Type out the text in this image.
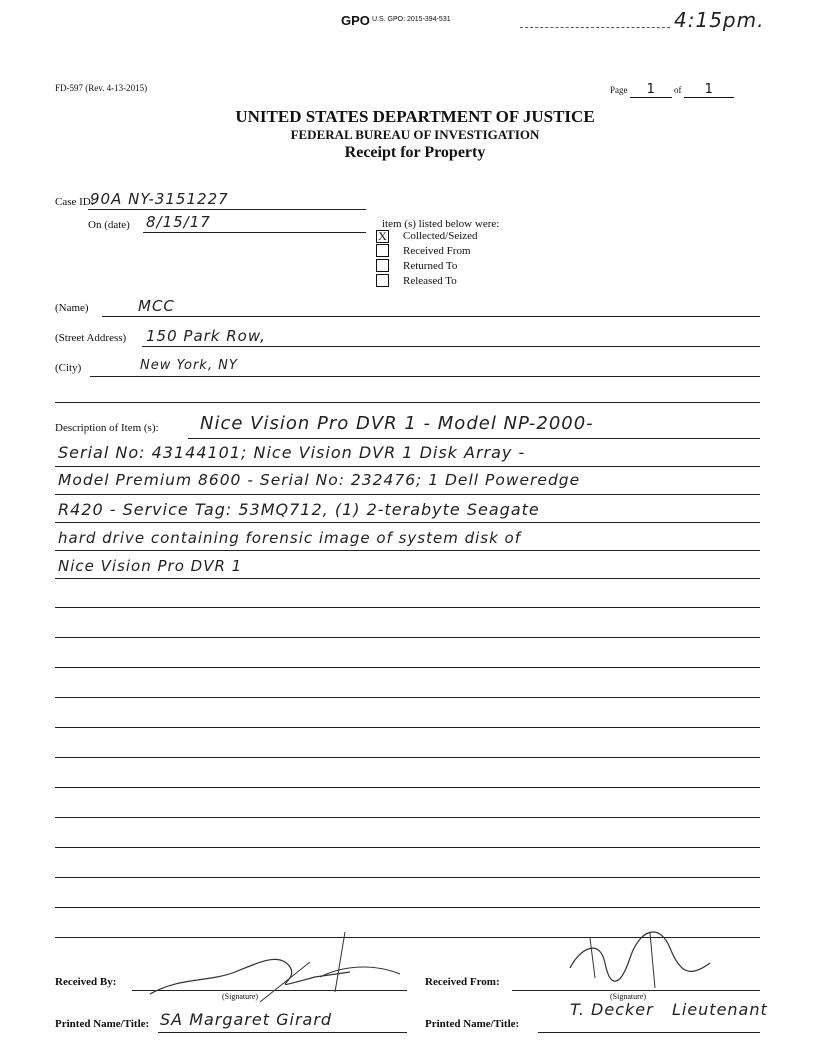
GPO U.S. GPO: 2015-394-531	4:15pm.
FD-597 (Rev. 4-13-2015)	Page 1 of 1
UNITED STATES DEPARTMENT OF JUSTICE
FEDERAL BUREAU OF INVESTIGATION
Receipt for Property
Case ID:
90A NY-3151227
On (date) 8/15/17	item (s) listed below were:
X Collected/Seized
Received From
Returned To
Released To
(Name)	MCC
(Street Address) 150 Park Row,
(City)	New York, NY
Description of Item (s): Nice Vision Pro DVR 1 - Model NP-2000-
Serial No: 43144101; Nice Vision DVR 1 Disk Array -
Model Premium 8600 - Serial No: 232476; 1 Dell Poweredge
R420 - Service Tag: 53MQ712, (1) 2-terabyte Seagate
hard drive containing forensic image of system disk of
Nice Vision Pro DVR 1
Received By:
(Signature)
Received From:
(Signature)
Printed Name/Title: SA Margaret Girard	Printed Name/Title:
T. Decker   Lieutenant
